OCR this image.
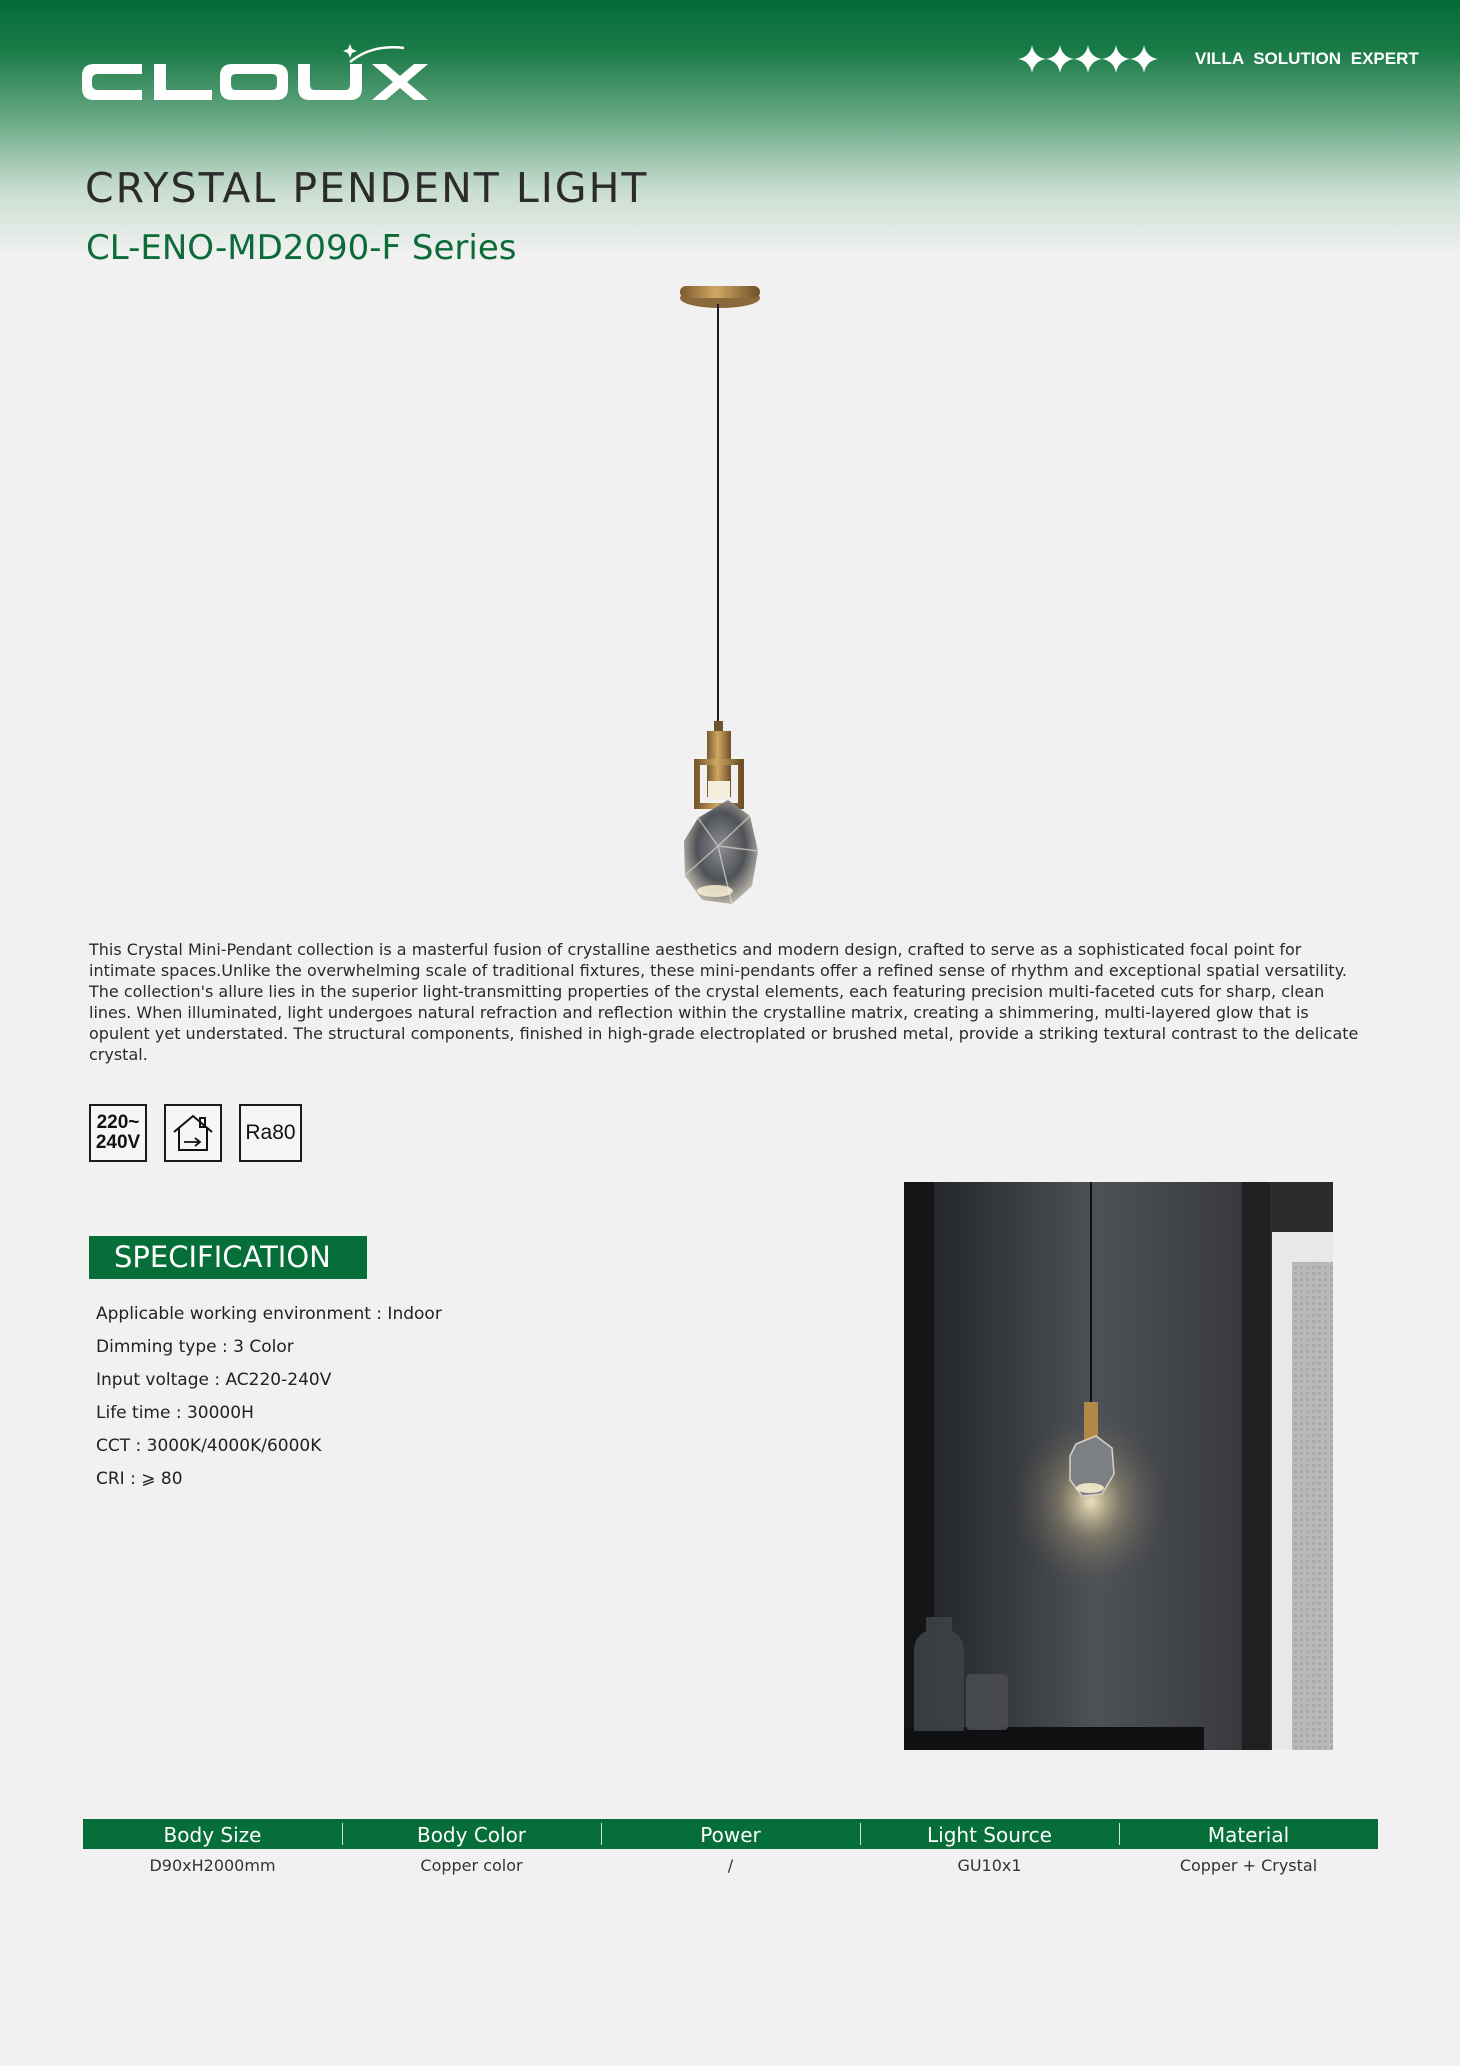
VILLA SOLUTION EXPERT
CRYSTAL PENDENT LIGHT
CL-ENO-MD2090-F Series

This Crystal Mini-Pendant collection is a masterful fusion of crystalline aesthetics and modern design, crafted to serve as a sophisticated focal point for intimate spaces.Unlike the overwhelming scale of traditional fixtures, these mini-pendants offer a refined sense of rhythm and exceptional spatial versatility. The collection's allure lies in the superior light-transmitting properties of the crystal elements, each featuring precision multi-faceted cuts for sharp, clean lines. When illuminated, light undergoes natural refraction and reflection within the crystalline matrix, creating a shimmering, multi-layered glow that is opulent yet understated. The structural components, finished in high-grade electroplated or brushed metal, provide a striking textural contrast to the delicate crystal.

220~
240V	Ra80
SPECIFICATION
Applicable working environment : Indoor
Dimming type : 3 Color
Input voltage : AC220-240V
Life time : 30000H
CCT : 3000K/4000K/6000K
CRI : ⩾ 80
Body Size	Body Color	Power	Light Source	Material
D90xH2000mm	Copper color	/	GU10x1	Copper + Crystal
